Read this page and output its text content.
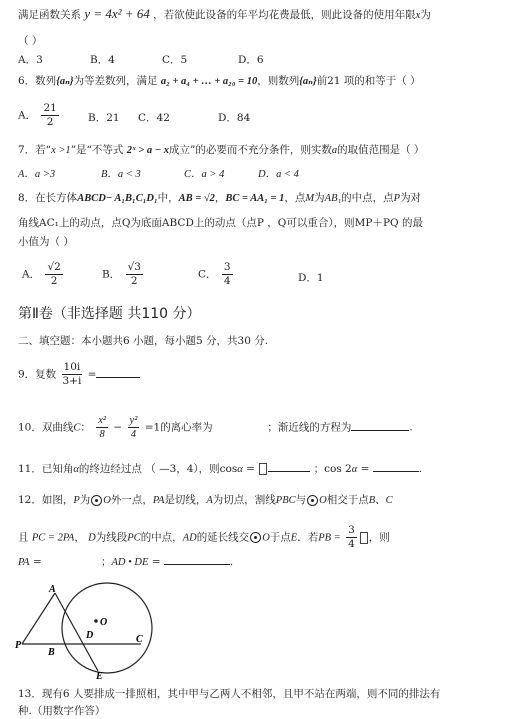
满足函数关系 y = 4x² + 64 ，若欲使此设备的年平均花费最低，则此设备的使用年限x为
（ ）
A．3	B．4	C．5	D．6
6．数列{aₙ}为等差数列，满足 a₂ + a₄ + … + a₂₀ = 10，则数列{aₙ}前21 项的和等于（ ）
A． $\frac{21}{2}$	B．21 C．42	D．84
7．若“x >1”是“不等式 2ˣ > a − x成立”的必要而不充分条件，则实数a的取值范围是（ ）
A．a >3	B．a < 3	C．a > 4	D．a < 4
8．在长方体ABCD− A₁B₁C₁D₁中，AB = √2，BC = AA₁ = 1，点M为AB₁的中点，点P为对
角线AC₁上的动点，点Q为底面ABCD上的动点（点P ，Q可以重合），则MP＋PQ 的最
小值为（ ）
A． $\frac{√2}{2}$	B． $\frac{√3}{2}$	C． $\frac{3}{4}$	D．1
第Ⅱ卷（非选择题 共110 分）
二、填空题：本小题共6 小题，每小题5 分，共30 分.
9．复数 $\frac{10i}{3+i}$ =
10．双曲线C： $\frac{\text{x²}}{8} - \frac{\text{y²}}{4} =1$的离心率为	；渐近线的方程为	.
11．已知角α的终边经过点 （ —3，4），则cosα =	；cos 2α =	.
12．如图，P为 O外一点，PA是切线，A为切点，割线PBC与 O相交于点B、C
且 PC = 2PA， D为线段PC的中点，AD的延长线交 O于点E．若PB = $\frac{3}{4}$ ，则
PA =	；AD • DE =	.
A
O
D	C
P
B
E
13．现有6 人要排成一排照相，其中甲与乙两人不相邻，且甲不站在两端，则不同的排法有
种.（用数字作答）
